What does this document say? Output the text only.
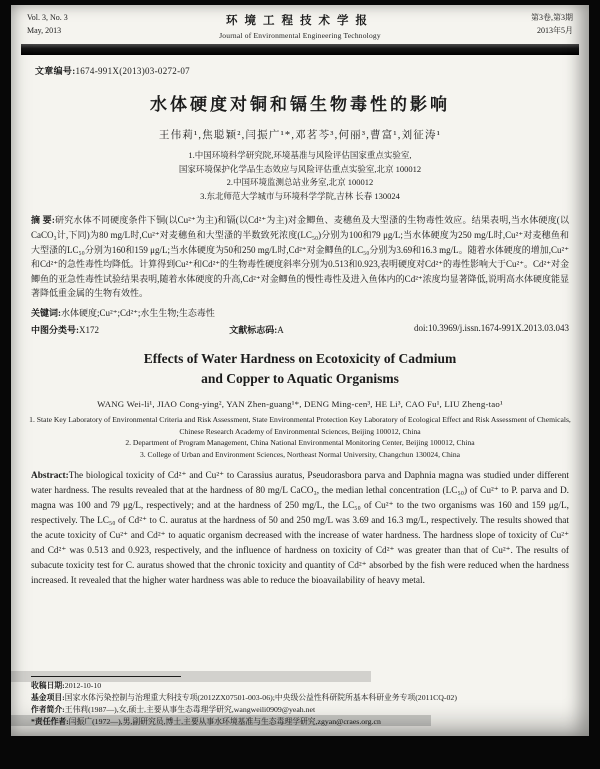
Vol. 3, No. 3
May, 2013
环境工程技术学报
Journal of Environmental Engineering Technology
第3卷,第3期
2013年5月
文章编号:1674-991X(2013)03-0272-07
水体硬度对铜和镉生物毒性的影响
王伟莉¹,焦聪颖²,闫振广¹*,邓茗芩³,何丽³,曹富¹,刘征涛¹
1.中国环境科学研究院,环境基准与风险评估国家重点实验室,
国家环境保护化学品生态效应与风险评估重点实验室,北京 100012
2.中国环境监测总站业务室,北京 100012
3.东北师范大学城市与环境科学学院,吉林 长春 130024
摘 要:研究水体不同硬度条件下铜(以Cu²⁺为主)和镉(以Cd²⁺为主)对金鲫鱼、麦穗鱼及大型溞的生物毒性效应。结果表明,当水体硬度(以CaCO₃计,下同)为80 mg/L时,Cu²⁺对麦穗鱼和大型溞的半数致死浓度(LC₅₀)分别为100和79 μg/L;当水体硬度为250 mg/L时,Cu²⁺对麦穗鱼和大型溞的LC₅₀分别为160和159 μg/L;当水体硬度为50和250 mg/L时,Cd²⁺对金鲫鱼的LC₅₀分别为3.69和16.3 mg/L。随着水体硬度的增加,Cu²⁺和Cd²⁺的急性毒性均降低。计算得到Cu²⁺和Cd²⁺的生物毒性硬度斜率分别为0.513和0.923,表明硬度对Cd²⁺的毒性影响大于Cu²⁺。Cd²⁺对金鲫鱼的亚急性毒性试验结果表明,随着水体硬度的升高,Cd²⁺对金鲫鱼的慢性毒性及进入鱼体内的Cd²⁺浓度均显著降低,说明高水体硬度能显著降低重金属的生物有效性。
关键词:水体硬度;Cu²⁺;Cd²⁺;水生生物;生态毒性
中图分类号:X172	文献标志码:A	doi:10.3969/j.issn.1674-991X.2013.03.043
Effects of Water Hardness on Ecotoxicity of Cadmium
and Copper to Aquatic Organisms
WANG Wei-li¹, JIAO Cong-ying², YAN Zhen-guang¹*, DENG Ming-cen³, HE Li³, CAO Fu¹, LIU Zheng-tao¹
1. State Key Laboratory of Environmental Criteria and Risk Assessment, State Environmental Protection Key Laboratory of Ecological Effect and Risk Assessment of Chemicals, Chinese Research Academy of Environmental Sciences, Beijing 100012, China
2. Department of Program Management, China National Environmental Monitoring Center, Beijing 100012, China
3. College of Urban and Environment Sciences, Northeast Normal University, Changchun 130024, China
Abstract:The biological toxicity of Cd²⁺ and Cu²⁺ to Carassius auratus, Pseudorasbora parva and Daphnia magna was studied under different water hardness. The results revealed that at the hardness of 80 mg/L CaCO₃, the median lethal concentration (LC₅₀) of Cu²⁺ to P. parva and D. magna was 100 and 79 μg/L, respectively; and at the hardness of 250 mg/L, the LC₅₀ of Cu²⁺ to the two organisms was 160 and 159 μg/L, respectively. The LC₅₀ of Cd²⁺ to C. auratus at the hardness of 50 and 250 mg/L was 3.69 and 16.3 mg/L, respectively. The results showed that the acute toxicity of Cu²⁺ and Cd²⁺ to aquatic organism decreased with the increase of water hardness. The hardness slope of toxicity of Cu²⁺ and Cd²⁺ was 0.513 and 0.923, respectively, and the influence of hardness on toxicity of Cd²⁺ was greater than that of Cu²⁺. The results of subacute toxicity test for C. auratus showed that the chronic toxicity and quantity of Cd²⁺ absorbed by the fish were reduced when the hardness increased. It revealed that the higher water hardness was able to reduce the bioavailability of heavy metal.
收稿日期:2012-10-10
基金项目:国家水体污染控制与治理重大科技专项(2012ZX07501-003-06);中央级公益性科研院所基本科研业务专项(2011CQ-02)
作者简介:王伟莉(1987—),女,硕士,主要从事生态毒理学研究,wangweili0909@yeah.net
*责任作者:闫振广(1972—),男,副研究员,博士,主要从事水环境基准与生态毒理学研究,zgyan@craes.org.cn
